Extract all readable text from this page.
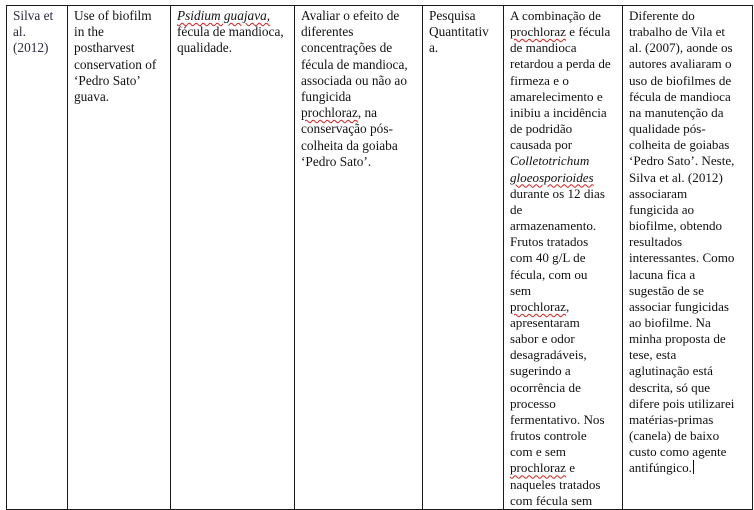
Silva et
al.
(2012)

Use of biofilm
in the
postharvest
conservation of
‘Pedro Sato’
guava.

Psidium guajava,
fécula de mandioca,
qualidade.

Avaliar o efeito de
diferentes
concentrações de
fécula de mandioca,
associada ou não ao
fungicida
prochloraz, na
conservação pós-
colheita da goiaba
‘Pedro Sato’.

Pesquisa
Quantitativ
a.

A combinação de
prochloraz e fécula
de mandioca
retardou a perda de
firmeza e o
amarelecimento e
inibiu a incidência
de podridão
causada por
Colletotrichum
gloeosporioides
durante os 12 dias
de
armazenamento.
Frutos tratados
com 40 g/L de
fécula, com ou
sem
prochloraz,
apresentaram
sabor e odor
desagradáveis,
sugerindo a
ocorrência de
processo
fermentativo. Nos
frutos controle
com e sem
prochloraz e
naqueles tratados
com fécula sem

Diferente do
trabalho de Vila et
al. (2007), aonde os
autores avaliaram o
uso de biofilmes de
fécula de mandioca
na manutenção da
qualidade pós-
colheita de goiabas
‘Pedro Sato’. Neste,
Silva et al. (2012)
associaram
fungicida ao
biofilme, obtendo
resultados
interessantes. Como
lacuna fica a
sugestão de se
associar fungicidas
ao biofilme. Na
minha proposta de
tese, esta
aglutinação está
descrita, só que
difere pois utilizarei
matérias-primas
(canela) de baixo
custo como agente
antifúngico.
